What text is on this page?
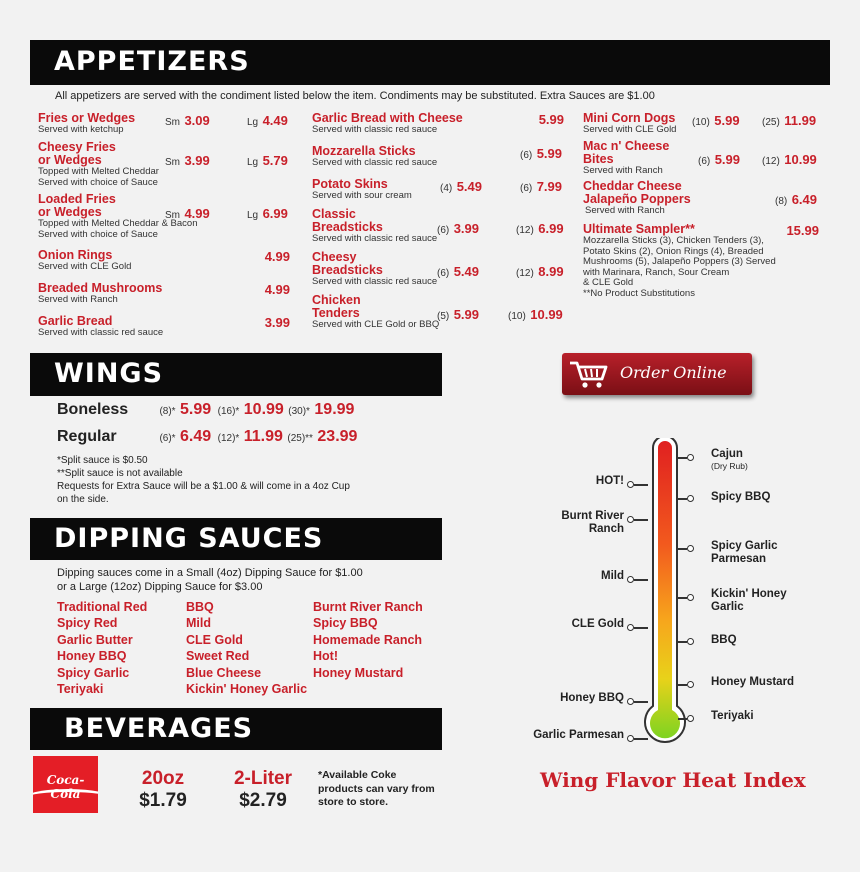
APPETIZERS
All appetizers are served with the condiment listed below the item. Condiments may be substituted. Extra Sauces are $1.00
Fries or Wedges
Served with ketchup
Sm 3.09	Lg 4.49
Cheesy Fries
or Wedges
Topped with Melted Cheddar
Served with choice of Sauce
Sm 3.99	Lg 5.79
Loaded Fries
or Wedges
Topped with Melted Cheddar & Bacon
Served with choice of Sauce
Sm 4.99	Lg 6.99
Onion Rings
Served with CLE Gold
4.99
Breaded Mushrooms
Served with Ranch
4.99
Garlic Bread
Served with classic red sauce
3.99
Garlic Bread with Cheese
Served with classic red sauce
5.99
Mozzarella Sticks
Served with classic red sauce
(6) 5.99
Potato Skins
Served with sour cream
(4) 5.49	(6) 7.99
Classic
Breadsticks
Served with classic red sauce
(6) 3.99	(12) 6.99
Cheesy
Breadsticks
Served with classic red sauce
(6) 5.49	(12) 8.99
Chicken
Tenders
Served with CLE Gold or BBQ
(5) 5.99	(10) 10.99
Mini Corn Dogs
Served with CLE Gold
(10) 5.99 (25) 11.99
Mac n' Cheese
Bites
Served with Ranch
(6) 5.99 (12) 10.99
Cheddar Cheese
Jalapeño Poppers
Served with Ranch
(8) 6.49
Ultimate Sampler**
Mozzarella Sticks (3), Chicken Tenders (3),
Potato Skins (2), Onion Rings (4), Breaded
Mushrooms (5), Jalapeño Poppers (3) Served
with Marinara, Ranch, Sour Cream
& CLE Gold
**No Product Substitutions
15.99
WINGS
Boneless	(8)* 5.99 (16)* 10.99 (30)* 19.99
Regular	(6)* 6.49 (12)* 11.99 (25)** 23.99
*Split sauce is $0.50
**Split sauce is not available
Requests for Extra Sauce will be a $1.00 & will come in a 4oz Cup
on the side.
DIPPING SAUCES
Dipping sauces come in a Small (4oz) Dipping Sauce for $1.00
or a Large (12oz) Dipping Sauce for $3.00
Traditional Red
Spicy Red
Garlic Butter
Honey BBQ
Spicy Garlic
Teriyaki
BBQ
Mild
CLE Gold
Sweet Red
Blue Cheese
Kickin' Honey Garlic
Burnt River Ranch
Spicy BBQ
Homemade Ranch
Hot!
Honey Mustard
BEVERAGES
Coca-Cola
20oz
$1.79
2-Liter
$2.79
*Available Coke
products can vary from
store to store.
Order Online
HOT!
Burnt River
Ranch
Mild
CLE Gold
Honey BBQ
Garlic Parmesan
Cajun
(Dry Rub)
Spicy BBQ
Spicy Garlic
Parmesan
Kickin' Honey
Garlic
BBQ
Honey Mustard
Teriyaki
Wing Flavor Heat Index
